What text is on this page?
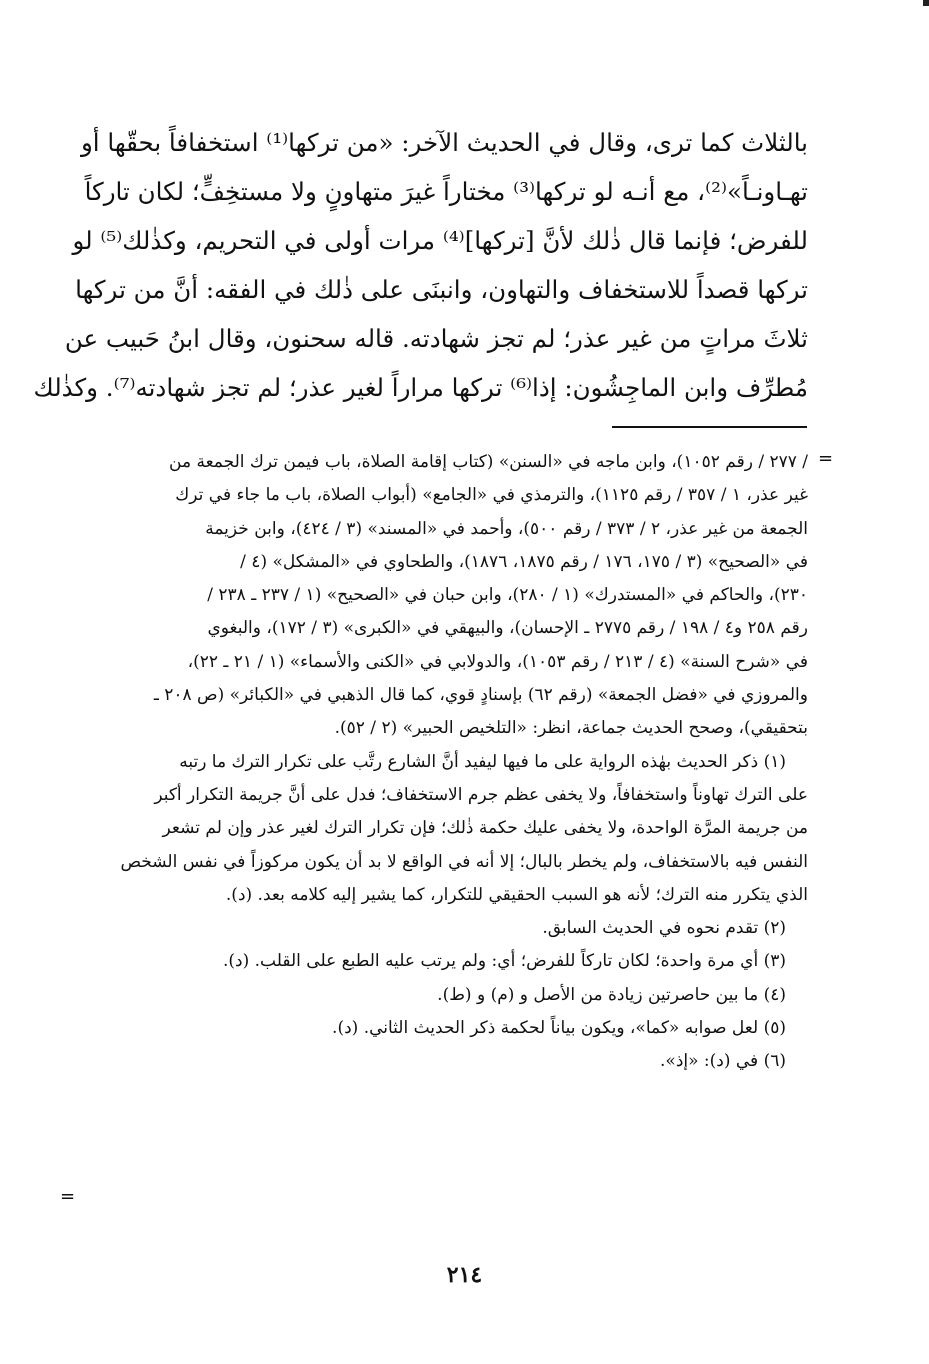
بالثلاث كما ترى، وقال في الحديث الآخر: «من تركها⁽¹⁾ استخفافاً بحقّها أو
تهـاونـاً»⁽²⁾، مع أنـه لو تركها⁽³⁾ مختاراً غيرَ متهاونٍ ولا مستخِفٍّ؛ لكان تاركاً
للفرض؛ فإنما قال ذٰلك لأنَّ [تركها]⁽⁴⁾ مرات أولى في التحريم، وكذٰلك⁽⁵⁾ لو
تركها قصداً للاستخفاف والتهاون، وانبنَى على ذٰلك في الفقه: أنَّ من تركها
ثلاثَ مراتٍ من غير عذر؛ لم تجز شهادته. قاله سحنون، وقال ابنُ حَبيب عن
مُطرِّف وابن الماجِشُون: إذا⁽⁶⁾ تركها مراراً لغير عذر؛ لم تجز شهادته⁽⁷⁾. وكذٰلك
=
/ ٢٧٧ / رقم ١٠٥٢)، وابن ماجه في «السنن» (كتاب إقامة الصلاة، باب فيمن ترك الجمعة من
غير عذر، ١ / ٣٥٧ / رقم ١١٢٥)، والترمذي في «الجامع» (أبواب الصلاة، باب ما جاء في ترك
الجمعة من غير عذر، ٢ / ٣٧٣ / رقم ٥٠٠)، وأحمد في «المسند» (٣ / ٤٢٤)، وابن خزيمة
في «الصحيح» (٣ / ١٧٥، ١٧٦ / رقم ١٨٧٥، ١٨٧٦)، والطحاوي في «المشكل» (٤ /
٢٣٠)، والحاكم في «المستدرك» (١ / ٢٨٠)، وابن حبان في «الصحيح» (١ / ٢٣٧ ـ ٢٣٨ /
رقم ٢٥٨ و٤ / ١٩٨ / رقم ٢٧٧٥ ـ الإحسان)، والبيهقي في «الكبرى» (٣ / ١٧٢)، والبغوي
في «شرح السنة» (٤ / ٢١٣ / رقم ١٠٥٣)، والدولابي في «الكنى والأسماء» (١ / ٢١ ـ ٢٢)،
والمروزي في «فضل الجمعة» (رقم ٦٢) بإسنادٍ قوي، كما قال الذهبي في «الكبائر» (ص ٢٠٨ ـ
بتحقيقي)، وصحح الحديث جماعة، انظر: «التلخيص الحبير» (٢ / ٥٢).
(١) ذكر الحديث بهٰذه الرواية على ما فيها ليفيد أنَّ الشارع رتَّب على تكرار الترك ما رتبه
على الترك تهاوناً واستخفافاً، ولا يخفى عظم جرم الاستخفاف؛ فدل على أنَّ جريمة التكرار أكبر
من جريمة المرَّة الواحدة، ولا يخفى عليك حكمة ذٰلك؛ فإن تكرار الترك لغير عذر وإن لم تشعر
النفس فيه بالاستخفاف، ولم يخطر بالبال؛ إلا أنه في الواقع لا بد أن يكون مركوزاً في نفس الشخص
الذي يتكرر منه الترك؛ لأنه هو السبب الحقيقي للتكرار، كما يشير إليه كلامه بعد. (د).
(٢) تقدم نحوه في الحديث السابق.
(٣) أي مرة واحدة؛ لكان تاركاً للفرض؛ أي: ولم يرتب عليه الطبع على القلب. (د).
(٤) ما بين حاصرتين زيادة من الأصل و (م) و (ط).
(٥) لعل صوابه «كما»، ويكون بياناً لحكمة ذكر الحديث الثاني. (د).
(٦) في (د): «إذ».
=
٢١٤
